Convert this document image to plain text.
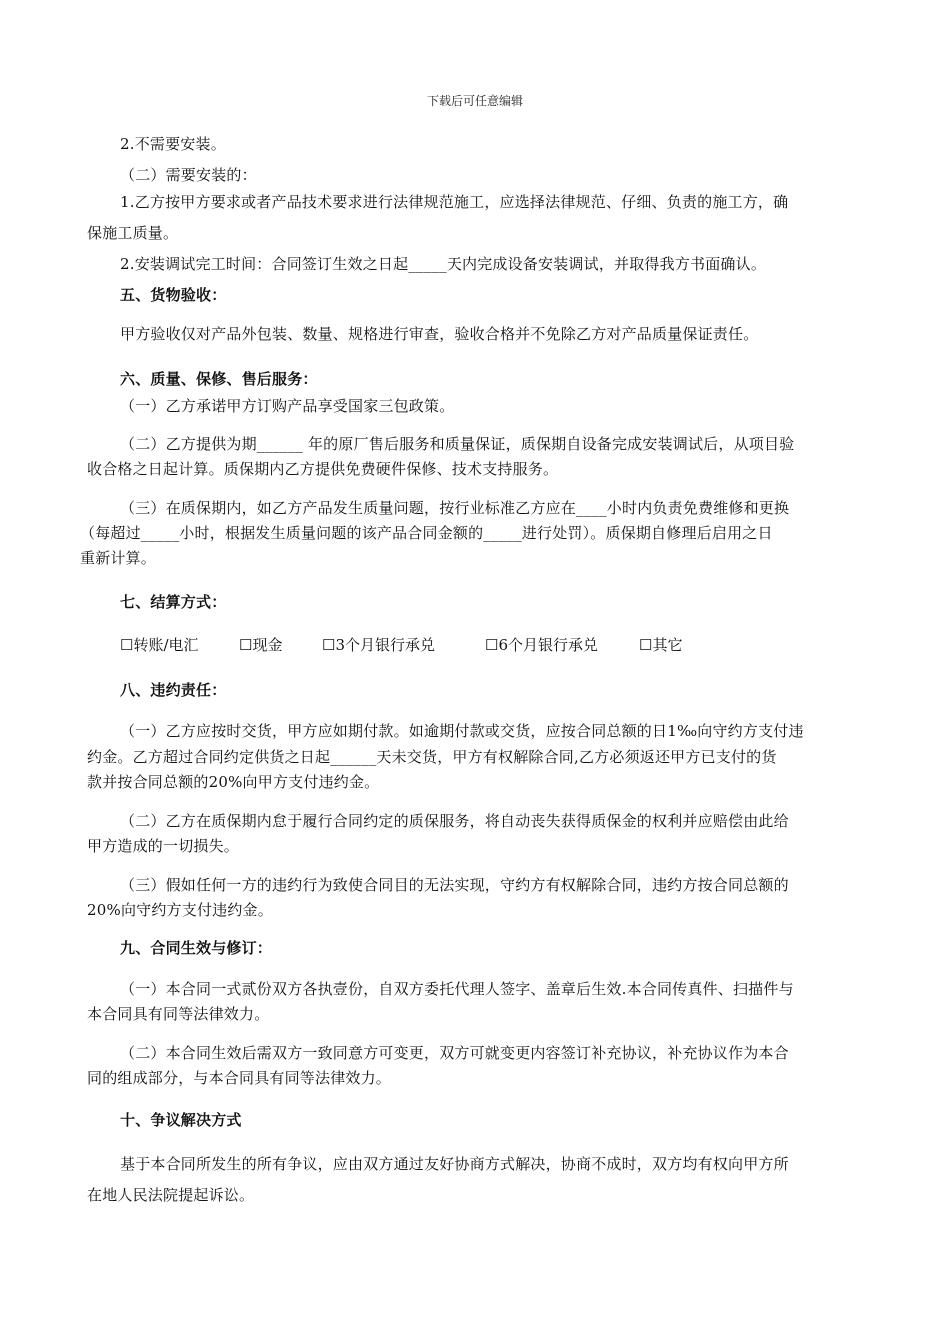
下载后可任意编辑
2.不需要安装。
（二）需要安装的：
1.乙方按甲方要求或者产品技术要求进行法律规范施工，应选择法律规范、仔细、负责的施工方，确
保施工质量。
2.安装调试完工时间：合同签订生效之日起_____天内完成设备安装调试，并取得我方书面确认。
五、货物验收：
甲方验收仅对产品外包装、数量、规格进行审查，验收合格并不免除乙方对产品质量保证责任。
六、质量、保修、售后服务：
（一）乙方承诺甲方订购产品享受国家三包政策。
（二）乙方提供为期______ 年的原厂售后服务和质量保证，质保期自设备完成安装调试后，从项目验
收合格之日起计算。质保期内乙方提供免费硬件保修、技术支持服务。
（三）在质保期内，如乙方产品发生质量问题，按行业标准乙方应在____小时内负责免费维修和更换
（每超过_____小时，根据发生质量问题的该产品合同金额的_____进行处罚）。质保期自修理后启用之日
重新计算。
七、结算方式：
☐转账/电汇	☐现金	☐3个月银行承兑	☐6个月银行承兑	☐其它
八、违约责任：
（一）乙方应按时交货，甲方应如期付款。如逾期付款或交货，应按合同总额的日1‰向守约方支付违
约金。乙方超过合同约定供货之日起______天未交货，甲方有权解除合同,乙方必须返还甲方已支付的货
款并按合同总额的20%向甲方支付违约金。
（二）乙方在质保期内怠于履行合同约定的质保服务，将自动丧失获得质保金的权利并应赔偿由此给
甲方造成的一切损失。
（三）假如任何一方的违约行为致使合同目的无法实现，守约方有权解除合同，违约方按合同总额的
20%向守约方支付违约金。
九、合同生效与修订：
（一）本合同一式贰份双方各执壹份，自双方委托代理人签字、盖章后生效.本合同传真件、扫描件与
本合同具有同等法律效力。
（二）本合同生效后需双方一致同意方可变更，双方可就变更内容签订补充协议，补充协议作为本合
同的组成部分，与本合同具有同等法律效力。
十、争议解决方式
基于本合同所发生的所有争议，应由双方通过友好协商方式解决，协商不成时，双方均有权向甲方所
在地人民法院提起诉讼。
